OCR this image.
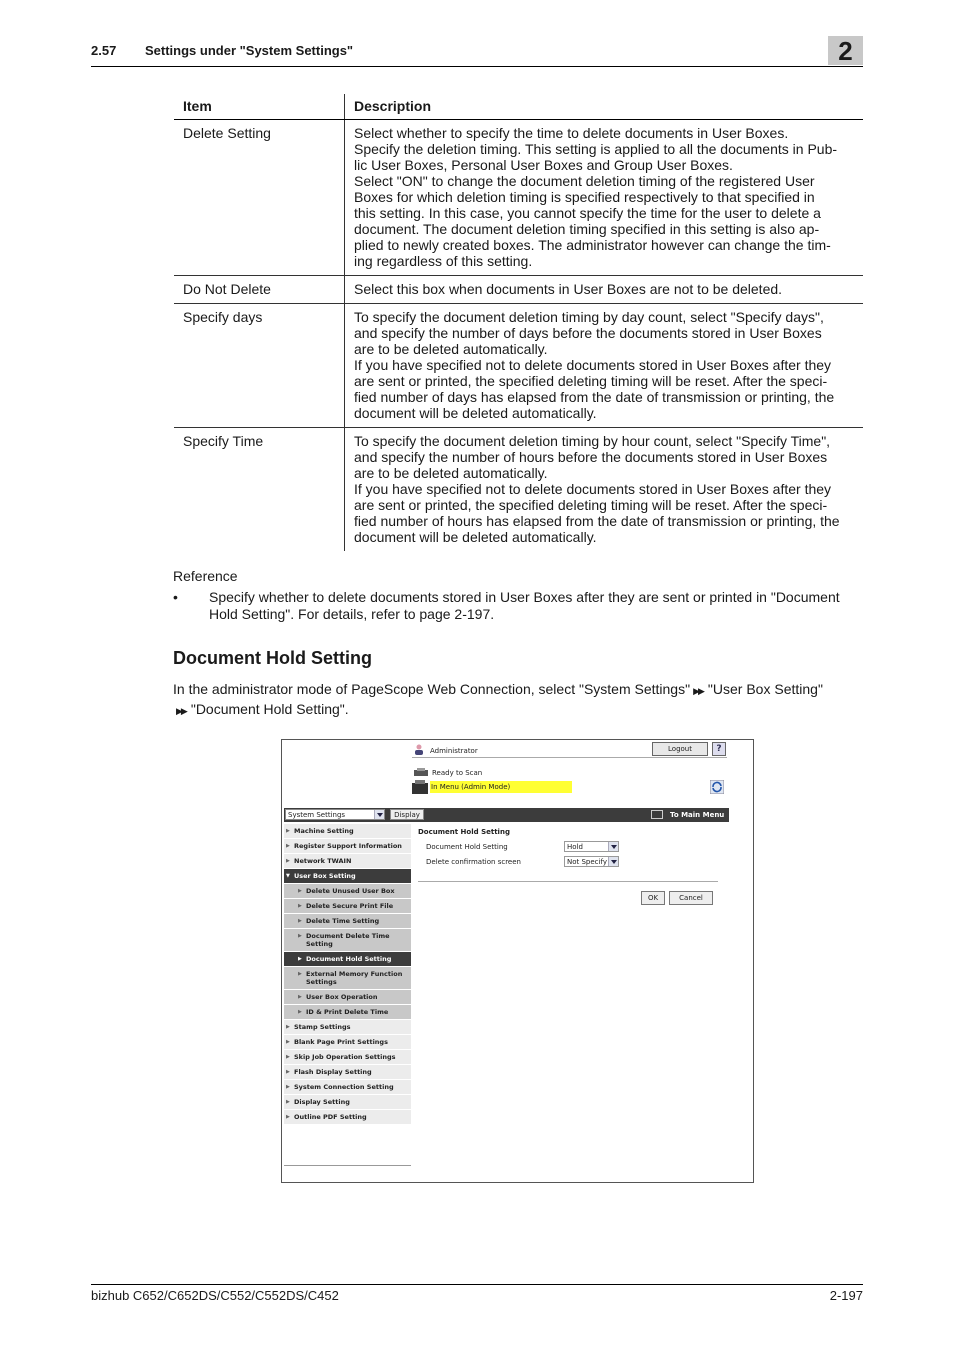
2.57 Settings under "System Settings"	2
Item	Description
Delete Setting	Select whether to specify the time to delete documents in User Boxes.

Specify the deletion timing. This setting is applied to all the documents in Pub-

lic User Boxes, Personal User Boxes and Group User Boxes.

Select "ON" to change the document deletion timing of the registered User

Boxes for which deletion timing is specified respectively to that specified in

this setting. In this case, you cannot specify the time for the user to delete a

document. The document deletion timing specified in this setting is also ap-

plied to newly created boxes. The administrator however can change the tim-

ing regardless of this setting.

Do Not Delete	Select this box when documents in User Boxes are not to be deleted.

Specify days	To specify the document deletion timing by day count, select "Specify days",

and specify the number of days before the documents stored in User Boxes

are to be deleted automatically.

If you have specified not to delete documents stored in User Boxes after they

are sent or printed, the specified deleting timing will be reset. After the speci-

fied number of days has elapsed from the date of transmission or printing, the

document will be deleted automatically.

Specify Time	To specify the document deletion timing by hour count, select "Specify Time",

and specify the number of hours before the documents stored in User Boxes

are to be deleted automatically.

If you have specified not to delete documents stored in User Boxes after they

are sent or printed, the specified deleting timing will be reset. After the speci-

fied number of hours has elapsed from the date of transmission or printing, the

document will be deleted automatically.

Reference
• Specify whether to delete documents stored in User Boxes after they are sent or printed in "Document Hold Setting". For details, refer to page 2-197.
Document Hold Setting
In the administrator mode of PageScope Web Connection, select "System Settings" ▶▶ "User Box Setting"
▶▶ "Document Hold Setting".
Administrator	Logout	?
Ready to Scan
In Menu (Admin Mode)
System Settings	Display	To Main Menu
▶ Machine Setting
▶ Register Support Information
▶ Network TWAIN
▼ User Box Setting
▶ Delete Unused User Box
▶ Delete Secure Print File
▶ Delete Time Setting
▶ Document Delete Time Setting
▶ Document Hold Setting
▶ External Memory Function Settings
▶ User Box Operation
▶ ID & Print Delete Time
▶ Stamp Settings
▶ Blank Page Print Settings
▶ Skip Job Operation Settings
▶ Flash Display Setting
▶ System Connection Setting
▶ Display Setting
▶ Outline PDF Setting
Document Hold Setting
Document Hold Setting	Hold
Delete confirmation screen	Not Specify
OK	Cancel
bizhub C652/C652DS/C552/C552DS/C452	2-197
